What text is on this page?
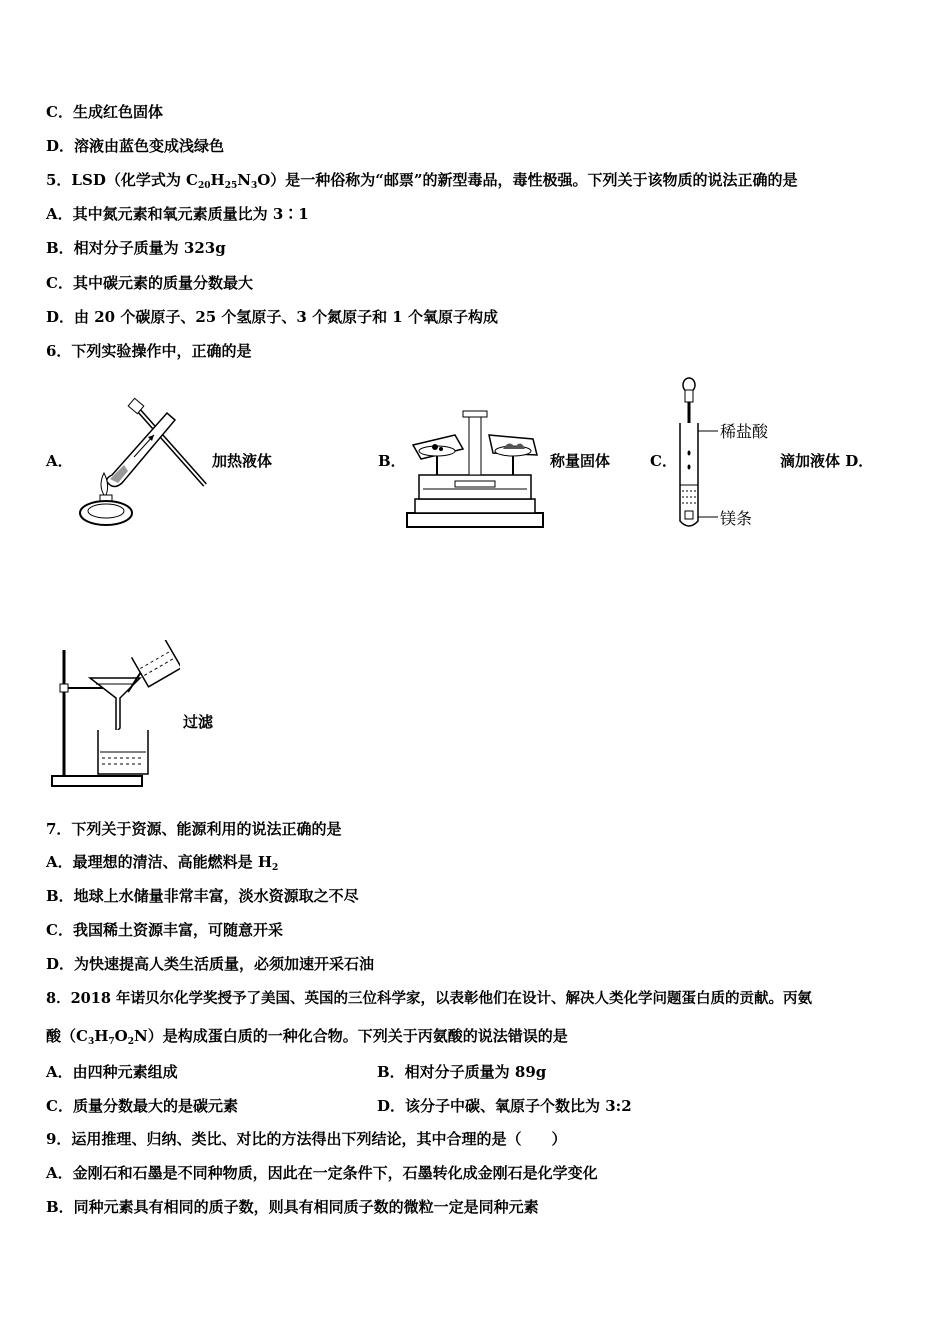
C．生成红色固体
D．溶液由蓝色变成浅绿色
5．LSD（化学式为 $C_{20}H_{25}N_3O$）是一种俗称为“邮票”的新型毒品，毒性极强。下列关于该物质的说法正确的是
A．其中氮元素和氧元素质量比为 3∶1
B．相对分子质量为 323g
C．其中碳元素的质量分数最大
D．由 20 个碳原子、25 个氢原子、3 个氮原子和 1 个氧原子构成
6．下列实验操作中，正确的是
A．	加热液体	B．	称量固体	C．
稀盐酸
镁条
滴加液体 D．
过滤
7．下列关于资源、能源利用的说法正确的是
A．最理想的清洁、高能燃料是 $H_2$
B．地球上水储量非常丰富，淡水资源取之不尽
C．我国稀土资源丰富，可随意开采
D．为快速提高人类生活质量，必须加速开采石油
8．2018 年诺贝尔化学奖授予了美国、英国的三位科学家，以表彰他们在设计、解决人类化学问题蛋白质的贡献。丙氨
酸$(C_3H_7O_2N)$是构成蛋白质的一种化合物。下列关于丙氨酸的说法错误的是
A．由四种元素组成	B．相对分子质量为 89g
C．质量分数最大的是碳元素	D．该分子中碳、氧原子个数比为 3:2
9．运用推理、归纳、类比、对比的方法得出下列结论，其中合理的是（　　）
A．金刚石和石墨是不同种物质，因此在一定条件下，石墨转化成金刚石是化学变化
B．同种元素具有相同的质子数，则具有相同质子数的微粒一定是同种元素
